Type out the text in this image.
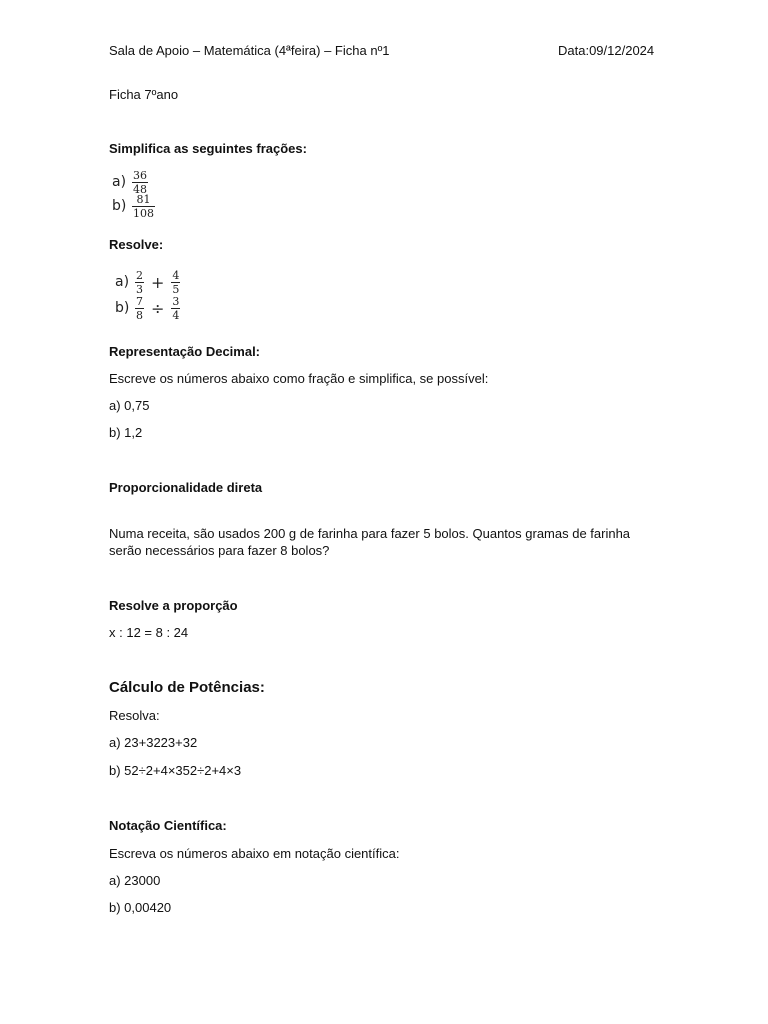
Sala de Apoio – Matemática (4ªfeira) – Ficha nº1	Data:09/12/2024
Ficha 7ºano
Simplifica as seguintes frações:
$a) \frac{36}{48}$
$b) \frac{81}{108}$
Resolve:
$a) \frac{2}{3} + \frac{4}{5}$
$b) \frac{7}{8} \div \frac{3}{4}$
Representação Decimal:
Escreve os números abaixo como fração e simplifica, se possível:
a) 0,75
b) 1,2
Proporcionalidade direta
Numa receita, são usados 200 g de farinha para fazer 5 bolos. Quantos gramas de farinha serão necessários para fazer 8 bolos?
Resolve a proporção
x : 12 = 8 : 24
Cálculo de Potências:
Resolva:
a) 23+3223+32
b) 52÷2+4×352÷2+4×3
Notação Científica:
Escreva os números abaixo em notação científica:
a) 23000
b) 0,00420
